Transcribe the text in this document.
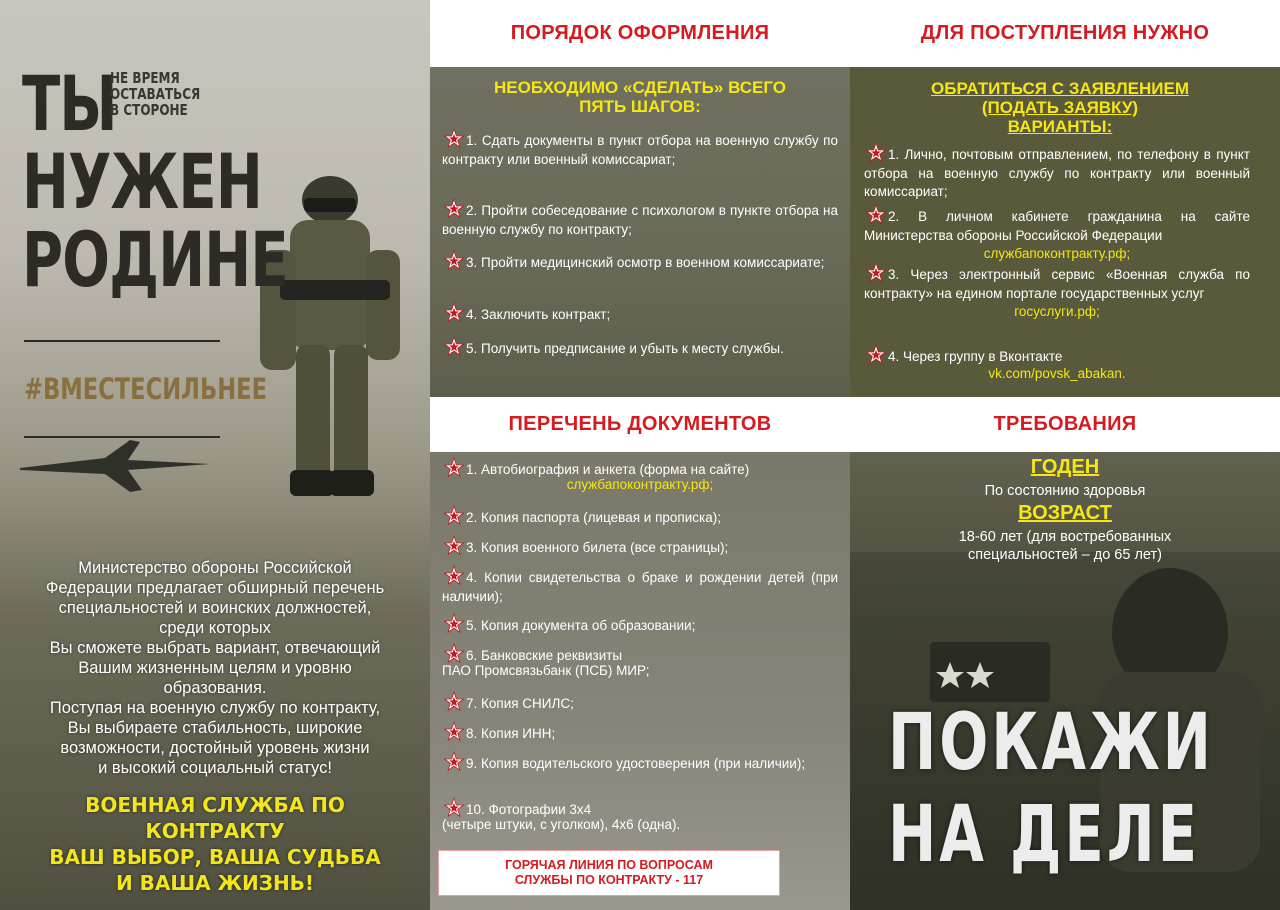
ТЫ
НЕ ВРЕМЯ
ОСТАВАТЬСЯ
В СТОРОНЕ
НУЖЕН
РОДИНЕ
#ВМЕСТЕСИЛЬНЕЕ
Министерство обороны Российской
Федерации предлагает обширный перечень
специальностей и воинских должностей,
среди которых
Вы сможете выбрать вариант, отвечающий
Вашим жизненным целям и уровню
образования.
Поступая на военную службу по контракту,
Вы выбираете стабильность, широкие
возможности, достойный уровень жизни
и высокий социальный статус!
ВОЕННАЯ СЛУЖБА ПО
КОНТРАКТУ
ВАШ ВЫБОР, ВАША СУДЬБА
И ВАША ЖИЗНЬ!
ПОРЯДОК ОФОРМЛЕНИЯ	ДЛЯ ПОСТУПЛЕНИЯ НУЖНО
ПЕРЕЧЕНЬ ДОКУМЕНТОВ	ТРЕБОВАНИЯ
НЕОБХОДИМО «СДЕЛАТЬ» ВСЕГО
ПЯТЬ ШАГОВ:
1. Сдать документы в пункт отбора на военную службу по контракту или военный комиссариат;
2. Пройти собеседование с психологом в пункте отбора на военную службу по контракту;
3. Пройти медицинский осмотр в военном комиссариате;
4. Заключить контракт;
5. Получить предписание и убыть к месту службы.
ОБРАТИТЬСЯ С ЗАЯВЛЕНИЕМ
(ПОДАТЬ ЗАЯВКУ)
ВАРИАНТЫ:
1. Лично, почтовым отправлением, по телефону в пункт отбора на военную службу по контракту или военный комиссариат;
2. В личном кабинете гражданина на сайте Министерства обороны Российской Федерации
службапоконтракту.рф;
3. Через электронный сервис «Военная служба по контракту» на едином портале государственных услуг
госуслуги.рф;
4. Через группу в Вконтакте
vk.com/povsk_abakan.
1. Автобиография и анкета (форма на сайте)
службапоконтракту.рф;
2. Копия паспорта (лицевая и прописка);
3. Копия военного билета (все страницы);
4. Копии свидетельства о браке и рождении детей (при наличии);
5. Копия документа об образовании;
6. Банковские реквизиты
ПАО Промсвязьбанк (ПСБ) МИР;
7. Копия СНИЛС;
8. Копия ИНН;
9. Копия водительского удостоверения (при наличии);
10. Фотографии 3х4
(четыре штуки, с уголком), 4х6 (одна).
ГОРЯЧАЯ ЛИНИЯ ПО ВОПРОСАМ
СЛУЖБЫ ПО КОНТРАКТУ - 117
ГОДЕН
По состоянию здоровья
ВОЗРАСТ
18-60 лет (для востребованных
специальностей – до 65 лет)
ПОКАЖИ
НА ДЕЛЕ
